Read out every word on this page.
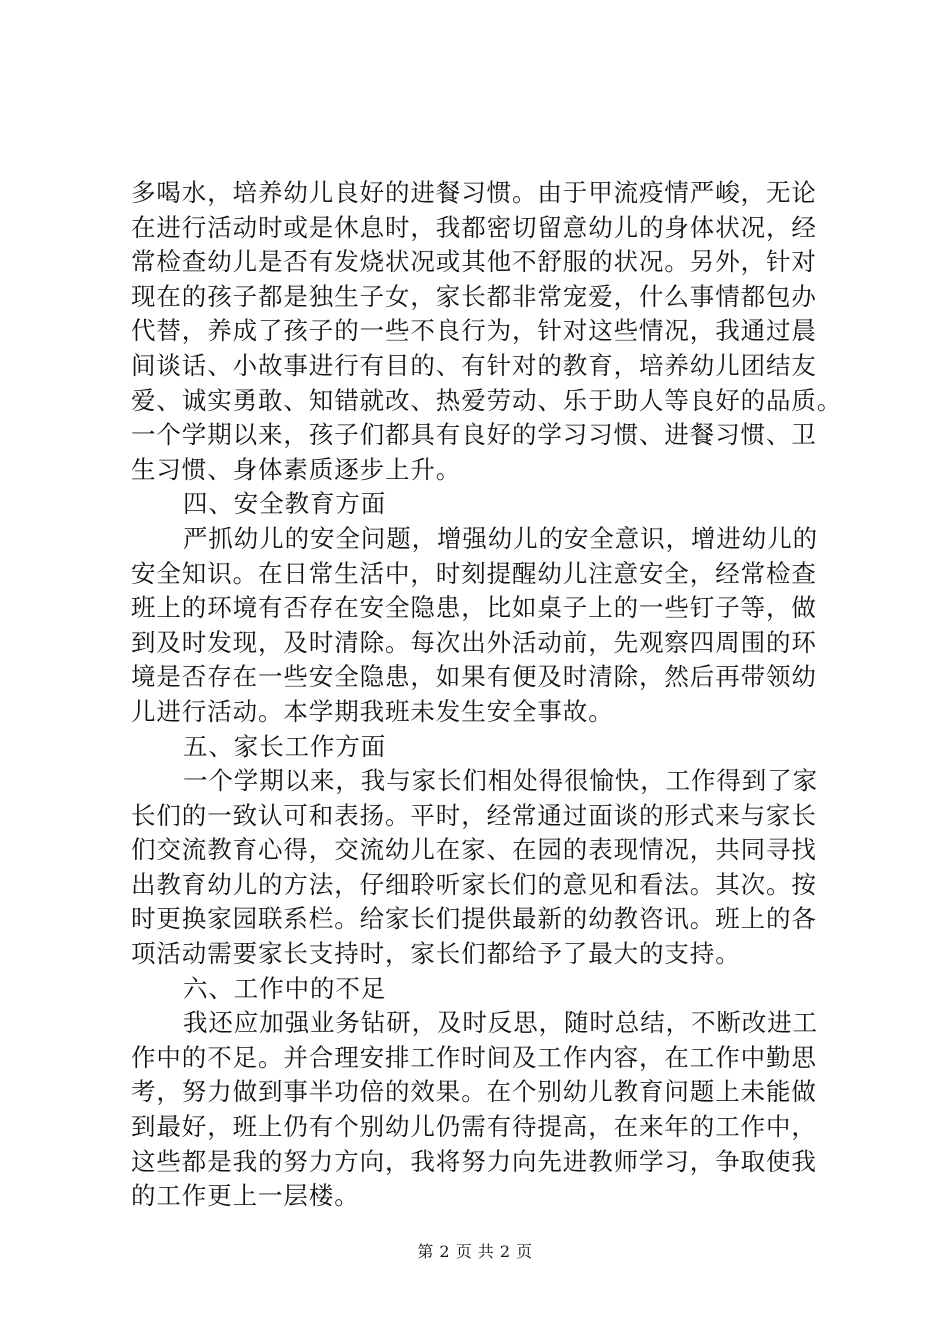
多喝水，培养幼儿良好的进餐习惯。由于甲流疫情严峻，无论
在进行活动时或是休息时，我都密切留意幼儿的身体状况，经
常检查幼儿是否有发烧状况或其他不舒服的状况。另外，针对
现在的孩子都是独生子女，家长都非常宠爱，什么事情都包办
代替，养成了孩子的一些不良行为，针对这些情况，我通过晨
间谈话、小故事进行有目的、有针对的教育，培养幼儿团结友
爱、诚实勇敢、知错就改、热爱劳动、乐于助人等良好的品质。
一个学期以来，孩子们都具有良好的学习习惯、进餐习惯、卫
生习惯、身体素质逐步上升。
四、安全教育方面
严抓幼儿的安全问题，增强幼儿的安全意识，增进幼儿的
安全知识。在日常生活中，时刻提醒幼儿注意安全，经常检查
班上的环境有否存在安全隐患，比如桌子上的一些钉子等，做
到及时发现，及时清除。每次出外活动前，先观察四周围的环
境是否存在一些安全隐患，如果有便及时清除，然后再带领幼
儿进行活动。本学期我班未发生安全事故。
五、家长工作方面
一个学期以来，我与家长们相处得很愉快，工作得到了家
长们的一致认可和表扬。平时，经常通过面谈的形式来与家长
们交流教育心得，交流幼儿在家、在园的表现情况，共同寻找
出教育幼儿的方法，仔细聆听家长们的意见和看法。其次。按
时更换家园联系栏。给家长们提供最新的幼教咨讯。班上的各
项活动需要家长支持时，家长们都给予了最大的支持。
六、工作中的不足
我还应加强业务钻研，及时反思，随时总结，不断改进工
作中的不足。并合理安排工作时间及工作内容，在工作中勤思
考，努力做到事半功倍的效果。在个别幼儿教育问题上未能做
到最好，班上仍有个别幼儿仍需有待提高，在来年的工作中，
这些都是我的努力方向，我将努力向先进教师学习，争取使我
的工作更上一层楼。
第 2 页 共 2 页
